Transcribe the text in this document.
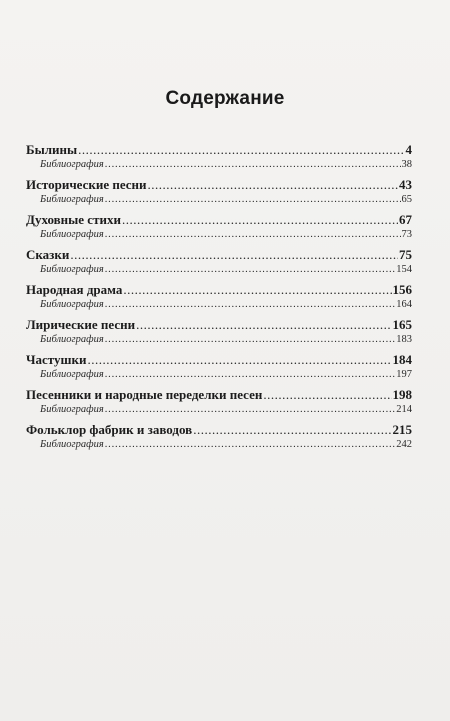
Содержание
Былины .....	4
Библиография .....	38
Исторические песни .....	43
Библиография .....	65
Духовные стихи .....	67
Библиография .....	73
Сказки .....	75
Библиография .....	154
Народная драма .....	156
Библиография .....	164
Лирические песни .....	165
Библиография .....	183
Частушки .....	184
Библиография .....	197
Песенники и народные переделки песен .....	198
Библиография .....	214
Фольклор фабрик и заводов .....	215
Библиография .....	242
